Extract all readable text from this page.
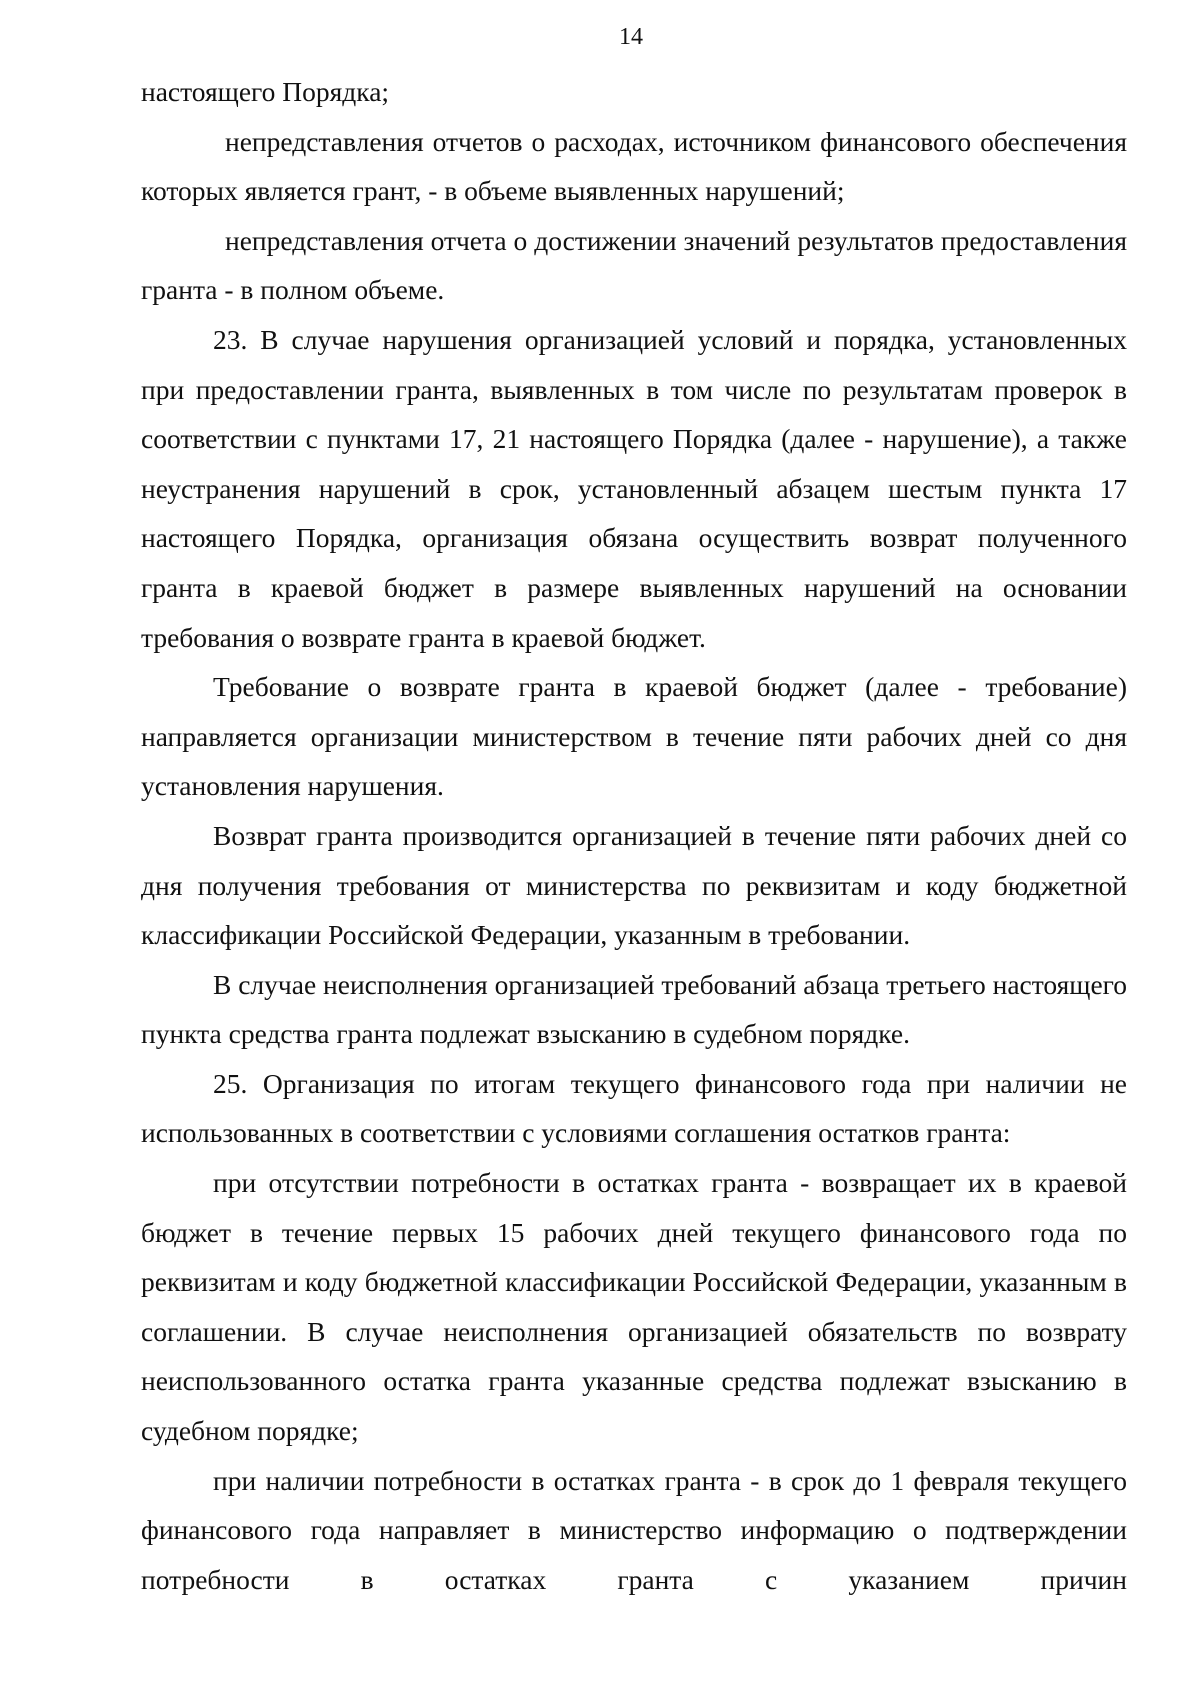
14

настоящего Порядка;

непредставления отчетов о расходах, источником финансового обеспечения которых является грант, - в объеме выявленных нарушений;

непредставления отчета о достижении значений результатов предоставления гранта - в полном объеме.

23. В случае нарушения организацией условий и порядка, установленных при предоставлении гранта, выявленных в том числе по результатам проверок в соответствии с пунктами 17, 21 настоящего Порядка (далее - нарушение), а также неустранения нарушений в срок, установленный абзацем шестым пункта 17 настоящего Порядка, организация обязана осуществить возврат полученного гранта в краевой бюджет в размере выявленных нарушений на основании требования о возврате гранта в краевой бюджет.

Требование о возврате гранта в краевой бюджет (далее - требование) направляется организации министерством в течение пяти рабочих дней со дня установления нарушения.

Возврат гранта производится организацией в течение пяти рабочих дней со дня получения требования от министерства по реквизитам и коду бюджетной классификации Российской Федерации, указанным в требовании.

В случае неисполнения организацией требований абзаца третьего настоящего пункта средства гранта подлежат взысканию в судебном порядке.

25. Организация по итогам текущего финансового года при наличии не использованных в соответствии с условиями соглашения остатков гранта:

при отсутствии потребности в остатках гранта - возвращает их в краевой бюджет в течение первых 15 рабочих дней текущего финансового года по реквизитам и коду бюджетной классификации Российской Федерации, указанным в соглашении. В случае неисполнения организацией обязательств по возврату неиспользованного остатка гранта указанные средства подлежат взысканию в судебном порядке;

при наличии потребности в остатках гранта - в срок до 1 февраля текущего финансового года направляет в министерство информацию о подтверждении потребности в остатках гранта с указанием причин
